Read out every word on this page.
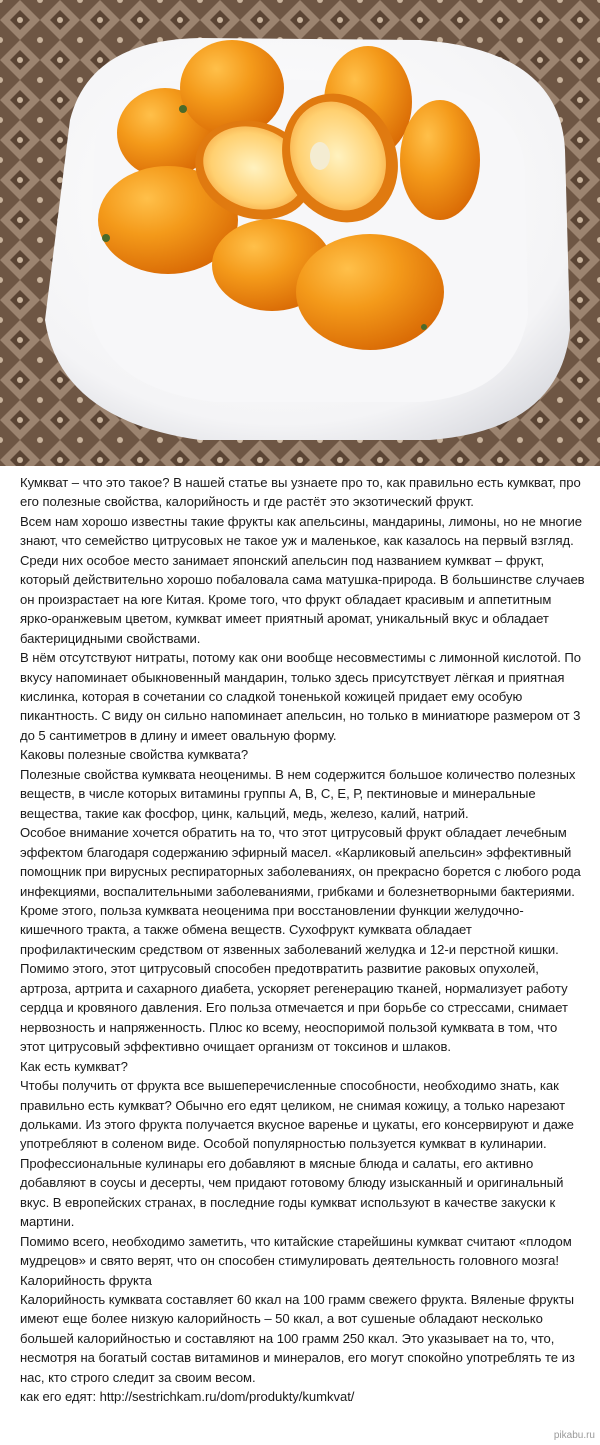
Кумкват – что это такое? В нашей статье вы узнаете про то, как правильно есть кумкват, про его полезные свойства, калорийность и где растёт это экзотический фрукт.

Всем нам хорошо известны такие фрукты как апельсины, мандарины, лимоны, но не многие знают, что семейство цитрусовых не такое уж и маленькое, как казалось на первый взгляд. Среди них особое место занимает японский апельсин под названием кумкват – фрукт, который действительно хорошо побаловала сама матушка-природа. В большинстве случаев он произрастает на юге Китая. Кроме того, что фрукт обладает красивым и аппетитным ярко-оранжевым цветом, кумкват имеет приятный аромат, уникальный вкус и обладает бактерицидными свойствами.

В нём отсутствуют нитраты, потому как они вообще несовместимы с лимонной кислотой. По вкусу напоминает обыкновенный мандарин, только здесь присутствует лёгкая и приятная кислинка, которая в сочетании со сладкой тоненькой кожицей придает ему особую пикантность. С виду он сильно напоминает апельсин, но только в миниатюре размером от 3 до 5 сантиметров в длину и имеет овальную форму.

Каковы полезные свойства кумквата?

Полезные свойства кумквата неоценимы. В нем содержится большое количество полезных веществ, в числе которых витамины группы А, В, С, Е, Р, пектиновые и минеральные вещества, такие как фосфор, цинк, кальций, медь, железо, калий, натрий.

Особое внимание хочется обратить на то, что этот цитрусовый фрукт обладает лечебным эффектом благодаря содержанию эфирный масел. «Карликовый апельсин» эффективный помощник при вирусных респираторных заболеваниях, он прекрасно борется с любого рода инфекциями, воспалительными заболеваниями, грибками и болезнетворными бактериями.

Кроме этого, польза кумквата неоценима при восстановлении функции желудочно-кишечного тракта, а также обмена веществ. Сухофрукт кумквата обладает профилактическим средством от язвенных заболеваний желудка и 12-и перстной кишки.

Помимо этого, этот цитрусовый способен предотвратить развитие раковых опухолей, артроза, артрита и сахарного диабета, ускоряет регенерацию тканей, нормализует работу сердца и кровяного давления. Его польза отмечается и при борьбе со стрессами, снимает нервозность и напряженность. Плюс ко всему, неоспоримой пользой кумквата в том, что этот цитрусовый эффективно очищает организм от токсинов и шлаков.

Как есть кумкват?

Чтобы получить от фрукта все вышеперечисленные способности, необходимо знать, как правильно есть кумкват? Обычно его едят целиком, не снимая кожицу, а только нарезают дольками. Из этого фрукта получается вкусное варенье и цукаты, его консервируют и даже употребляют в соленом виде. Особой популярностью пользуется кумкват в кулинарии. Профессиональные кулинары его добавляют в мясные блюда и салаты, его активно добавляют в соусы и десерты, чем придают готовому блюду изысканный и оригинальный вкус. В европейских странах, в последние годы кумкват используют в качестве закуски к мартини.

Помимо всего, необходимо заметить, что китайские старейшины кумкват считают «плодом мудрецов» и свято верят, что он способен стимулировать деятельность головного мозга!

Калорийность фрукта

Калорийность кумквата составляет 60 ккал на 100 грамм свежего фрукта. Вяленые фрукты имеют еще более низкую калорийность – 50 ккал, а вот сушеные обладают несколько большей калорийностью и составляют на 100 грамм 250 ккал. Это указывает на то, что, несмотря на богатый состав витаминов и минералов, его могут спокойно употреблять те из нас, кто строго следит за своим весом.

как его едят: http://sestrichkam.ru/dom/produkty/kumkvat/

pikabu.ru
